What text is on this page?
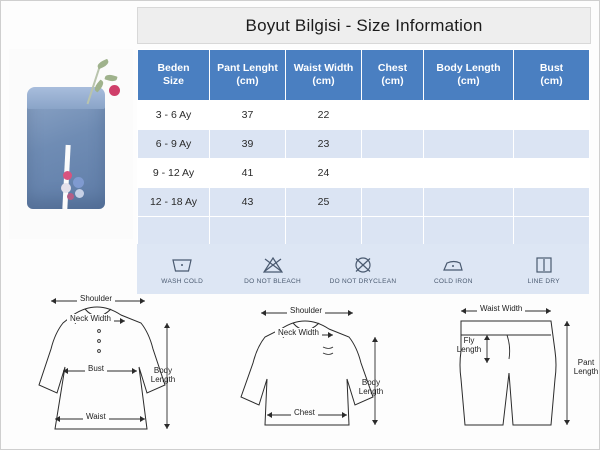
Boyut Bilgisi - Size Information
Beden
Size

Pant Lenght
(cm)

Waist Width
(cm)

Chest
(cm)

Body Length
(cm)

Bust
(cm)

3 - 6 Ay	37	22			
6 - 9 Ay	39	23			
9 - 12 Ay	41	24			
12 - 18 Ay	43	25			

WASH COLD	DO NOT BLEACH	DO NOT DRYCLEAN	COLD IRON	LINE DRY
Shoulder
Neck Width
Bust	Body Length
Waist
Shoulder
Neck Width
Chest
Body Length
Waist Width
Fly Length
Pant Length
